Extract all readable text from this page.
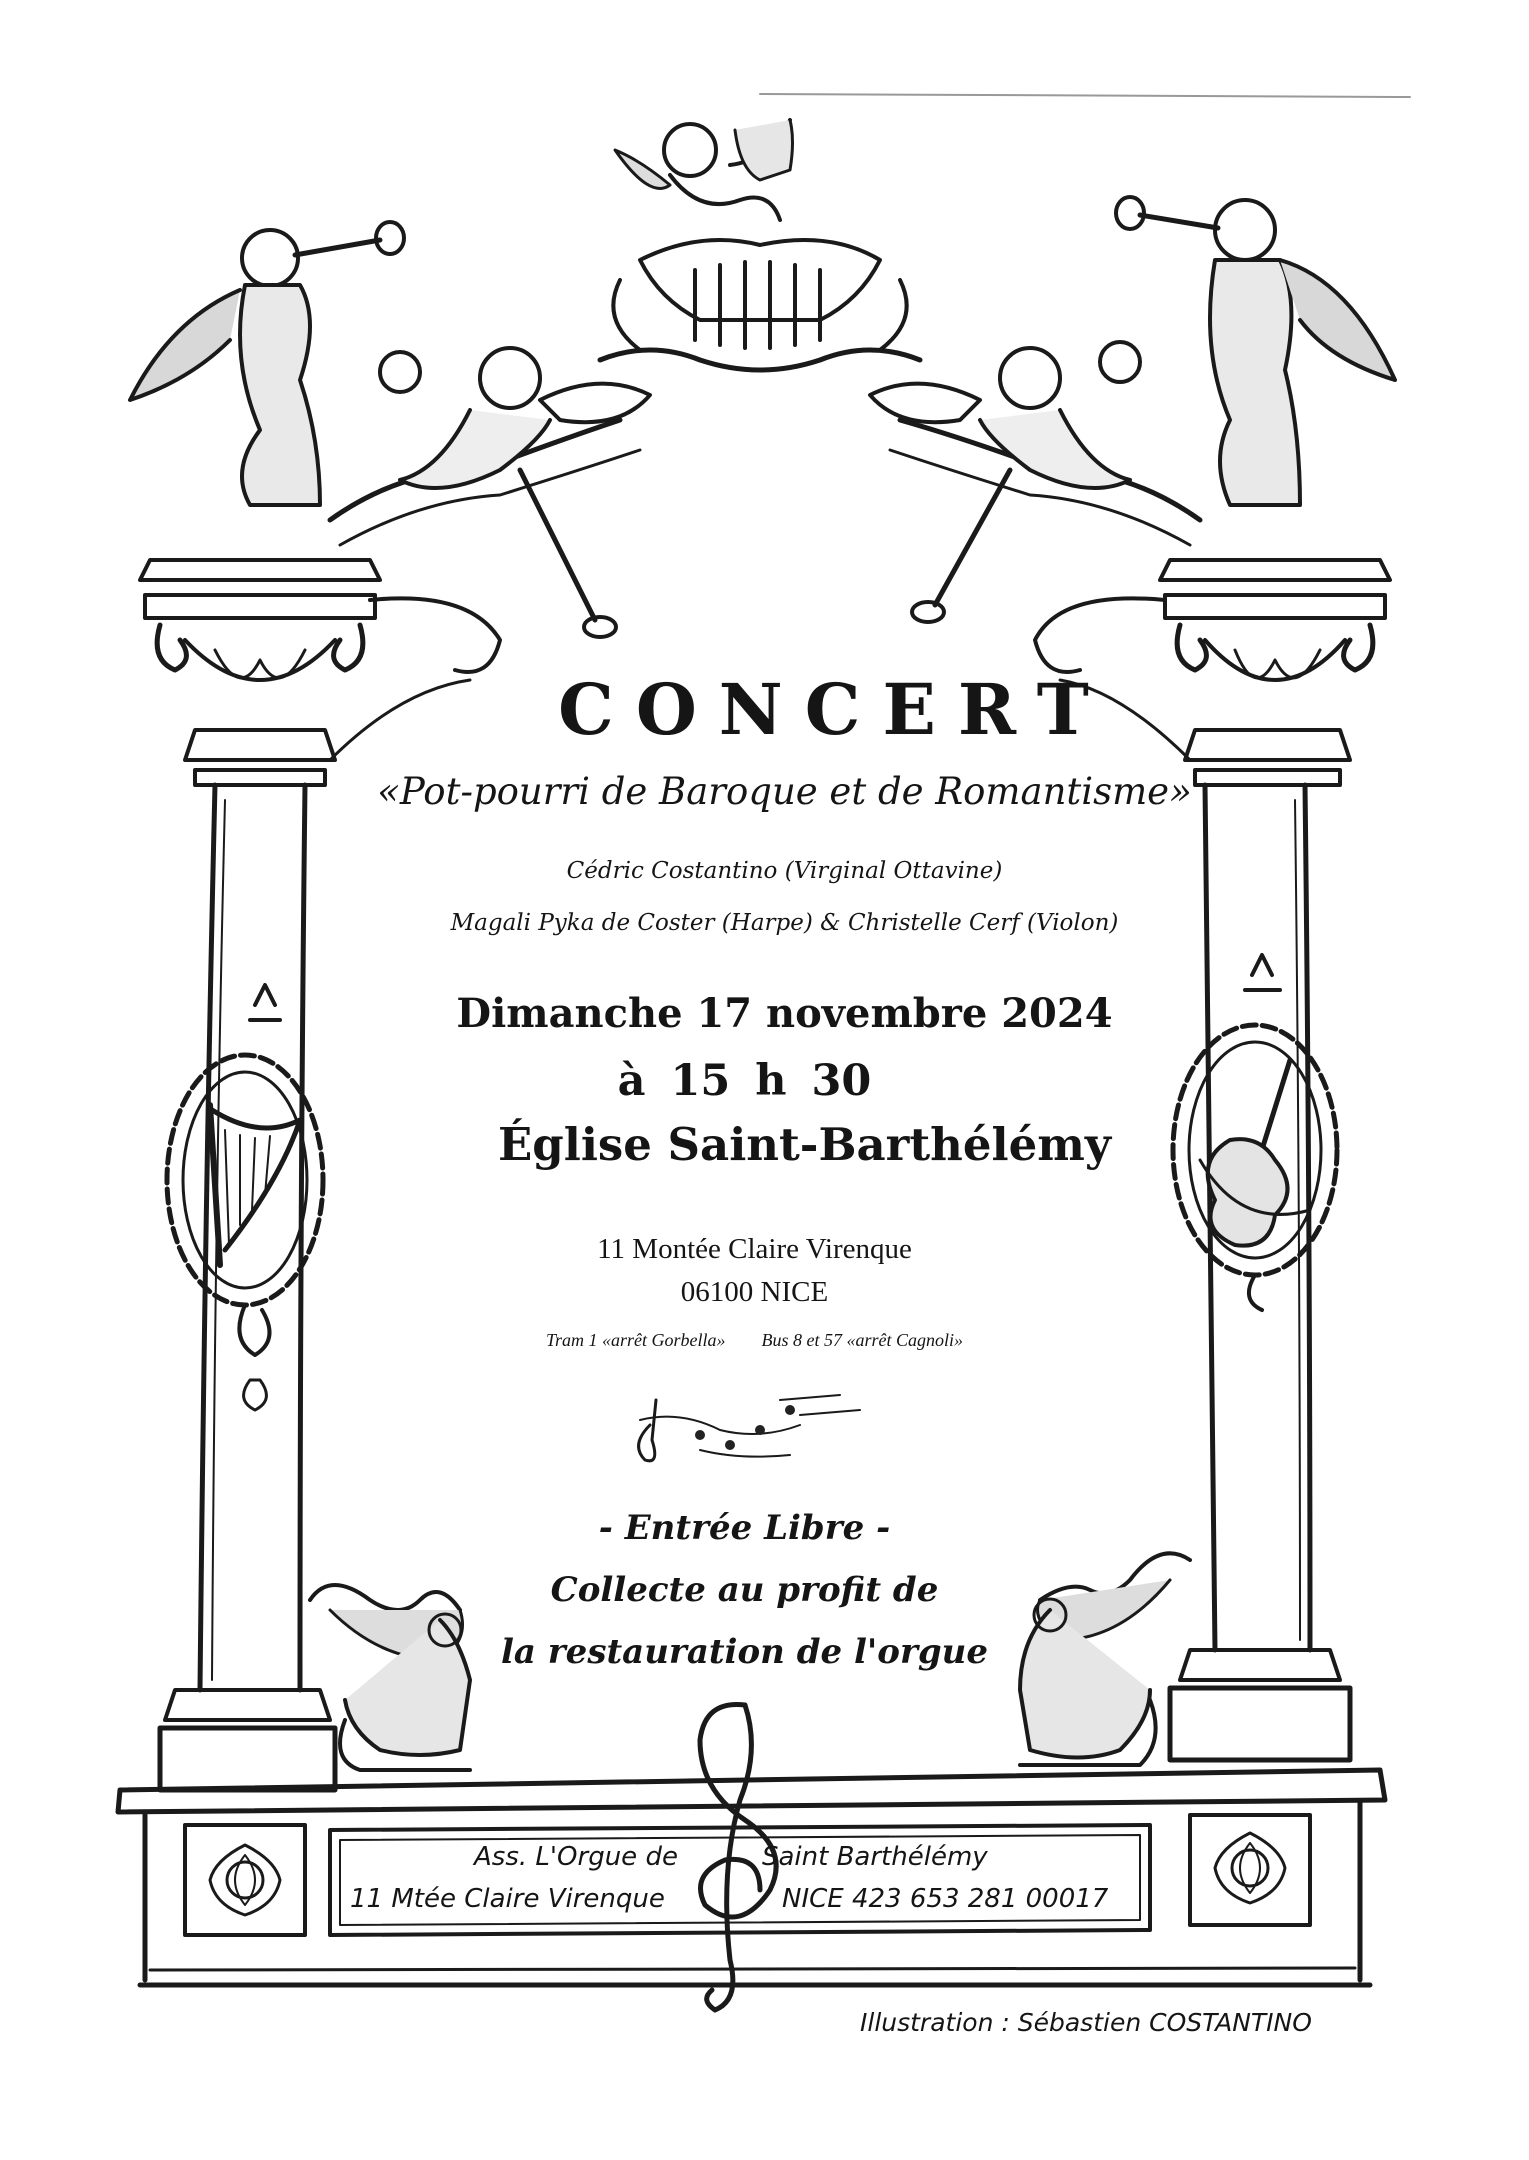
CONCERT
«Pot-pourri de Baroque et de Romantisme»
Cédric Costantino (Virginal Ottavine)
Magali Pyka de Coster (Harpe) & Christelle Cerf (Violon)
Dimanche 17 novembre 2024
à 15 h 30
Église Saint-Barthélémy
11 Montée Claire Virenque
06100 NICE
Tram 1 «arrêt Gorbella» Bus 8 et 57 «arrêt Cagnoli»
- Entrée Libre -
Collecte au profit de
la restauration de l'orgue
Ass. L'Orgue de	Saint Barthélémy
11 Mtée Claire Virenque	NICE 423 653 281 00017
Illustration : Sébastien COSTANTINO
